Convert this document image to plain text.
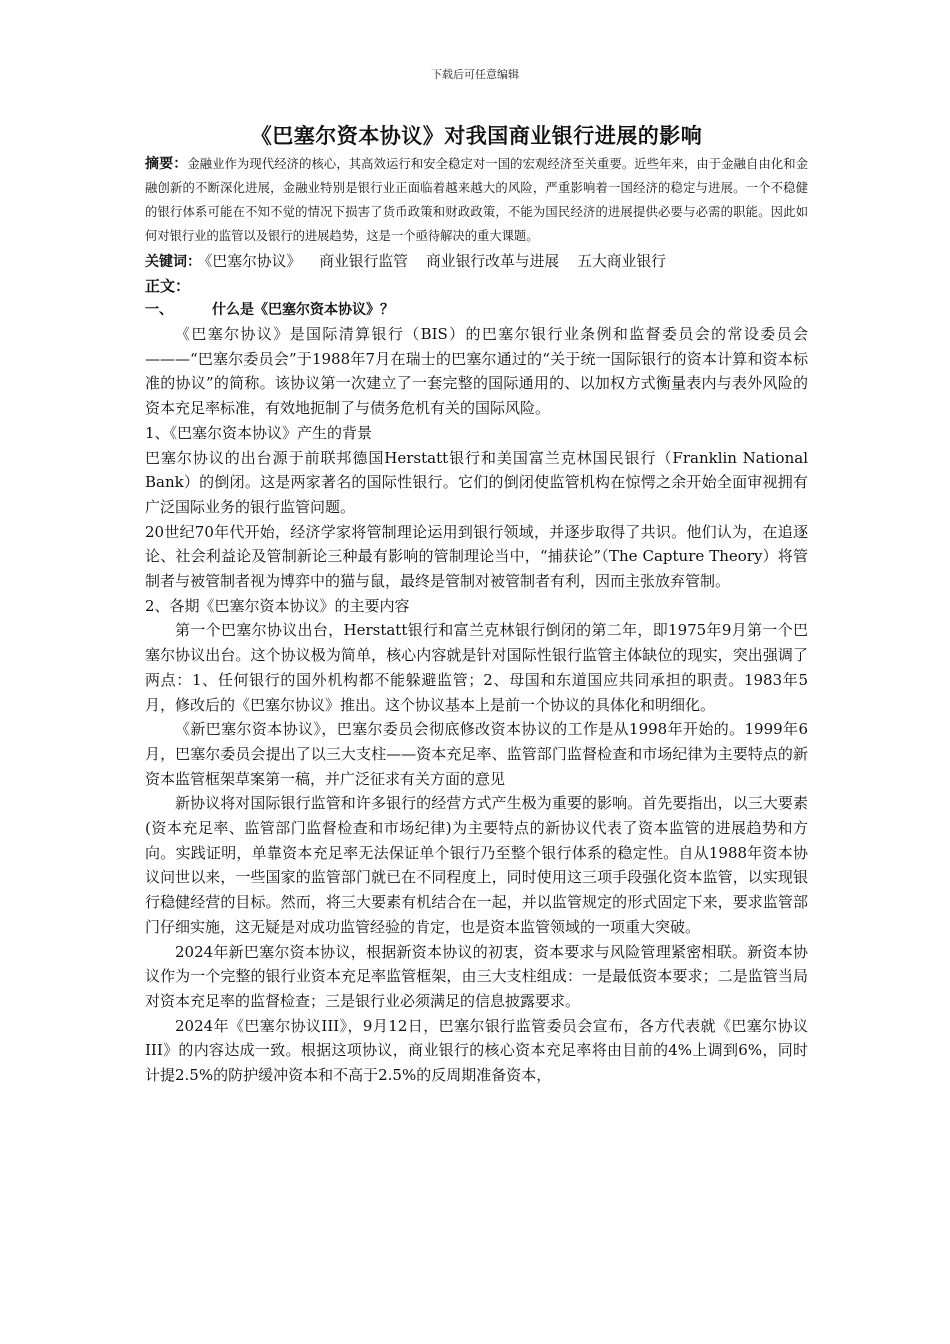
下载后可任意编辑
《巴塞尔资本协议》对我国商业银行进展的影响

摘要：金融业作为现代经济的核心，其高效运行和安全稳定对一国的宏观经济至关重要。近些年来，由于金融自由化和金融创新的不断深化进展，金融业特别是银行业正面临着越来越大的风险，严重影响着一国经济的稳定与进展。一个不稳健的银行体系可能在不知不觉的情况下损害了货币政策和财政政策，不能为国民经济的进展提供必要与必需的职能。因此如何对银行业的监管以及银行的进展趋势，这是一个亟待解决的重大课题。

关键词： 《巴塞尔协议》 商业银行监管 商业银行改革与进展 五大商业银行

正文：

一、	什么是《巴塞尔资本协议》？

《巴塞尔协议》是国际清算银行（BIS）的巴塞尔银行业条例和监督委员会的常设委员会———“巴塞尔委员会”于1988年7月在瑞士的巴塞尔通过的“关于统一国际银行的资本计算和资本标准的协议”的简称。该协议第一次建立了一套完整的国际通用的、以加权方式衡量表内与表外风险的资本充足率标准，有效地扼制了与债务危机有关的国际风险。

1、《巴塞尔资本协议》产生的背景

巴塞尔协议的出台源于前联邦德国Herstatt银行和美国富兰克林国民银行（Franklin National Bank）的倒闭。这是两家著名的国际性银行。它们的倒闭使监管机构在惊愕之余开始全面审视拥有广泛国际业务的银行监管问题。

20世纪70年代开始，经济学家将管制理论运用到银行领域，并逐步取得了共识。他们认为，在追逐论、社会利益论及管制新论三种最有影响的管制理论当中，“捕获论”（The Capture Theory）将管制者与被管制者视为博弈中的猫与鼠，最终是管制对被管制者有利，因而主张放弃管制。

2、各期《巴塞尔资本协议》的主要内容

第一个巴塞尔协议出台，Herstatt银行和富兰克林银行倒闭的第二年，即1975年9月第一个巴塞尔协议出台。这个协议极为简单，核心内容就是针对国际性银行监管主体缺位的现实，突出强调了两点：1、任何银行的国外机构都不能躲避监管；2、母国和东道国应共同承担的职责。1983年5月，修改后的《巴塞尔协议》推出。这个协议基本上是前一个协议的具体化和明细化。

《新巴塞尔资本协议》，巴塞尔委员会彻底修改资本协议的工作是从1998年开始的。1999年6月，巴塞尔委员会提出了以三大支柱——资本充足率、监管部门监督检查和市场纪律为主要特点的新资本监管框架草案第一稿，并广泛征求有关方面的意见

新协议将对国际银行监管和许多银行的经营方式产生极为重要的影响。首先要指出，以三大要素(资本充足率、监管部门监督检查和市场纪律)为主要特点的新协议代表了资本监管的进展趋势和方向。实践证明，单靠资本充足率无法保证单个银行乃至整个银行体系的稳定性。自从1988年资本协议问世以来，一些国家的监管部门就已在不同程度上，同时使用这三项手段强化资本监管，以实现银行稳健经营的目标。然而，将三大要素有机结合在一起，并以监管规定的形式固定下来，要求监管部门仔细实施，这无疑是对成功监管经验的肯定，也是资本监管领域的一项重大突破。

2024年新巴塞尔资本协议，根据新资本协议的初衷，资本要求与风险管理紧密相联。新资本协议作为一个完整的银行业资本充足率监管框架，由三大支柱组成：一是最低资本要求；二是监管当局对资本充足率的监督检查；三是银行业必须满足的信息披露要求。

2024年《巴塞尔协议III》，9月12日，巴塞尔银行监管委员会宣布，各方代表就《巴塞尔协议III》的内容达成一致。根据这项协议，商业银行的核心资本充足率将由目前的4%上调到6%，同时计提2.5%的防护缓冲资本和不高于2.5%的反周期准备资本，
